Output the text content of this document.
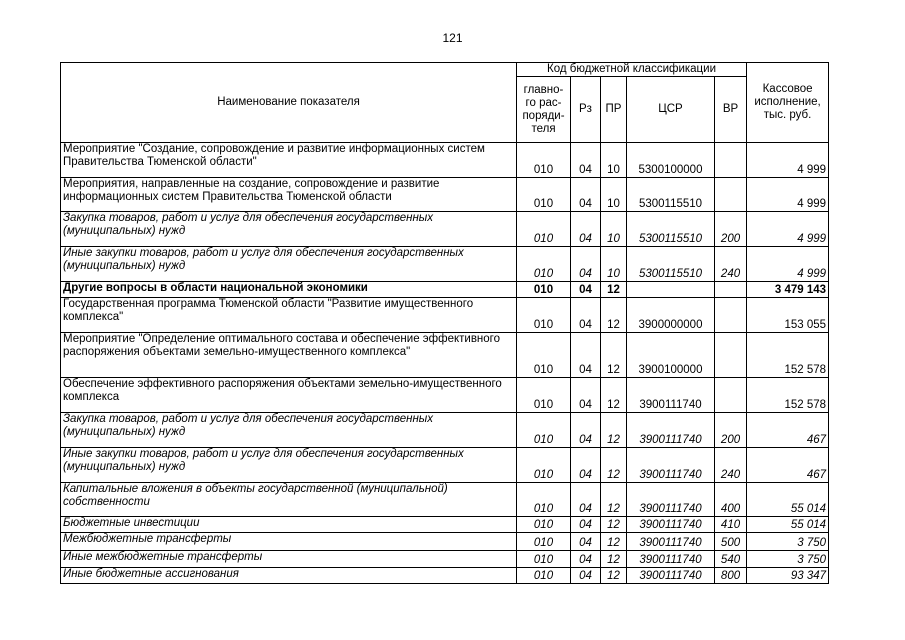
121
Наименование показателя	Код бюджетной классификации					Кассовое исполнение, тыс. руб.
	главно-го рас-поряди-теля	Рз	ПР	ЦСР	ВР	
Мероприятие "Создание, сопровождение и развитие информационных систем Правительства Тюменской области"	010	04	10	5300100000		4 999
Мероприятия, направленные на создание, сопровождение и развитие информационных систем Правительства Тюменской области	010	04	10	5300115510		4 999
Закупка товаров, работ и услуг для обеспечения государственных (муниципальных) нужд	010	04	10	5300115510	200	4 999
Иные закупки товаров, работ и услуг для обеспечения государственных (муниципальных) нужд	010	04	10	5300115510	240	4 999
Другие вопросы в области национальной экономики	010	04	12			3 479 143
Государственная программа Тюменской области "Развитие имущественного комплекса"	010	04	12	3900000000		153 055
Мероприятие "Определение оптимального состава и обеспечение эффективного распоряжения объектами земельно-имущественного комплекса"	010	04	12	3900100000		152 578
Обеспечение эффективного распоряжения объектами земельно-имущественного комплекса	010	04	12	3900111740		152 578
Закупка товаров, работ и услуг для обеспечения государственных (муниципальных) нужд	010	04	12	3900111740	200	467
Иные закупки товаров, работ и услуг для обеспечения государственных (муниципальных) нужд	010	04	12	3900111740	240	467
Капитальные вложения в объекты государственной (муниципальной) собственности	010	04	12	3900111740	400	55 014
Бюджетные инвестиции	010	04	12	3900111740	410	55 014
Межбюджетные трансферты	010	04	12	3900111740	500	3 750
Иные межбюджетные трансферты	010	04	12	3900111740	540	3 750
Иные бюджетные ассигнования	010	04	12	3900111740	800	93 347
